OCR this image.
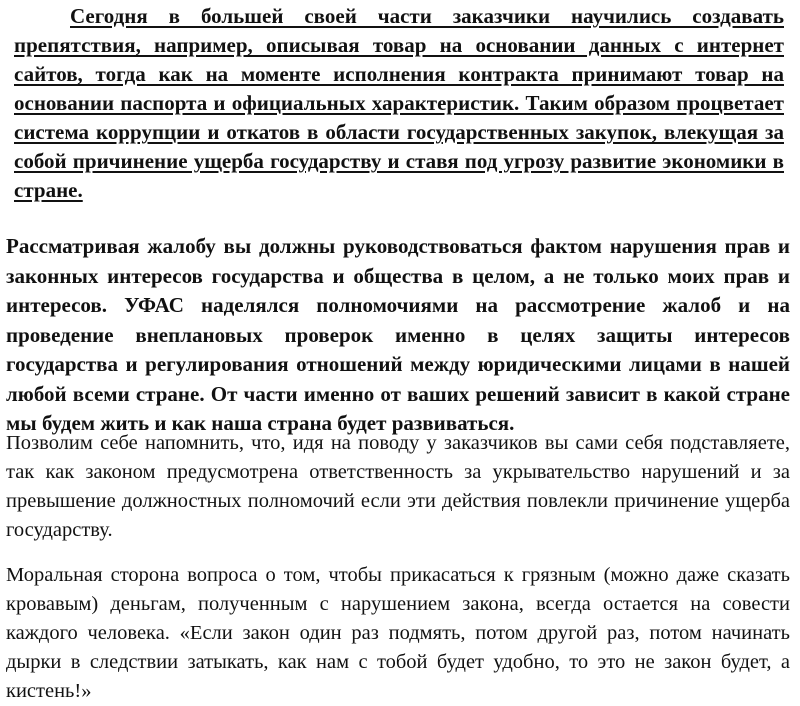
Сегодня в большей своей части заказчики научились создавать препятствия, например, описывая товар на основании данных с интернет сайтов, тогда как на моменте исполнения контракта принимают товар на основании паспорта и официальных характеристик. Таким образом процветает система коррупции и откатов в области государственных закупок, влекущая за собой причинение ущерба государству и ставя под угрозу развитие экономики в стране.

Рассматривая жалобу вы должны руководствоваться фактом нарушения прав и законных интересов государства и общества в целом, а не только моих прав и интересов. УФАС наделялся полномочиями на рассмотрение жалоб и на проведение внеплановых проверок именно в целях защиты интересов государства и регулирования отношений между юридическими лицами в нашей любой всеми стране. От части именно от ваших решений зависит в какой стране мы будем жить и как наша страна будет развиваться.

Позволим себе напомнить, что, идя на поводу у заказчиков вы сами себя подставляете, так как законом предусмотрена ответственность за укрывательство нарушений и за превышение должностных полномочий если эти действия повлекли причинение ущерба государству.

Моральная сторона вопроса о том, чтобы прикасаться к грязным (можно даже сказать кровавым) деньгам, полученным с нарушением закона, всегда остается на совести каждого человека. «Если закон один раз подмять, потом другой раз, потом начинать дырки в следствии затыкать, как нам с тобой будет удобно, то это не закон будет, а кистень!»
